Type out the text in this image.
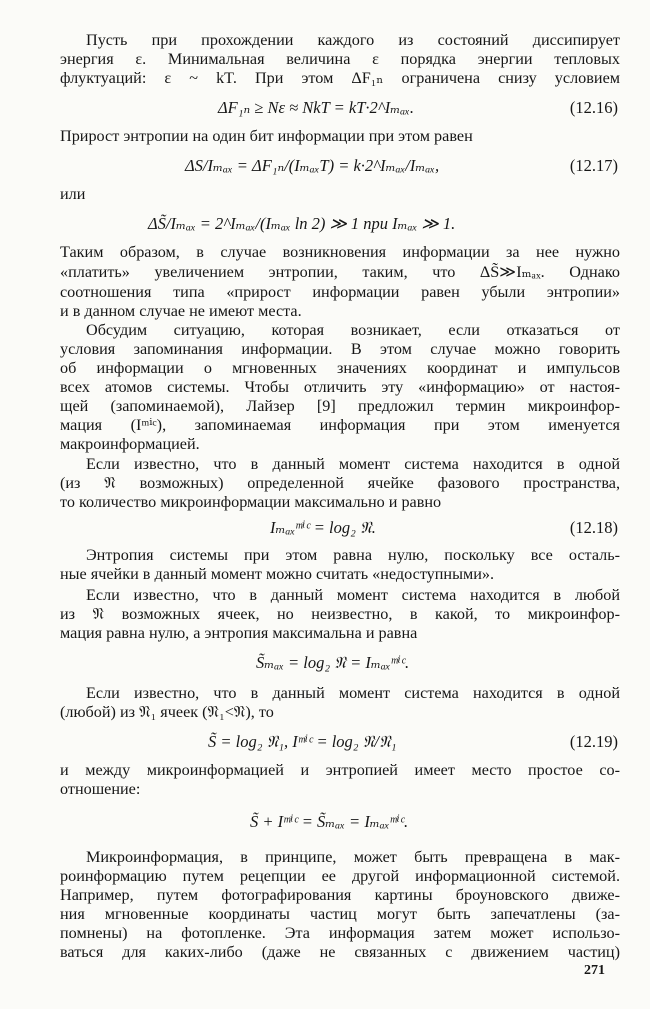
Пусть при прохождении каждого из состояний диссипирует
энергия ε. Минимальная величина ε порядка энергии тепловых
флуктуаций: ε ~ kT. При этом ΔF₁ₙ ограничена снизу условием
ΔF₁ₙ ≥ Nε ≈ NkT = kT·2^Iₘₐₓ.	(12.16)
Прирост энтропии на один бит информации при этом равен
ΔS/Iₘₐₓ = ΔF₁ₙ/(IₘₐₓT) = k·2^Iₘₐₓ/Iₘₐₓ,	(12.17)
или
ΔS̃/Iₘₐₓ = 2^Iₘₐₓ/(Iₘₐₓ ln 2) ≫ 1 при Iₘₐₓ ≫ 1.
Таким образом, в случае возникновения информации за нее нужно
«платить» увеличением энтропии, таким, что ΔS̃≫Iₘₐₓ. Однако
соотношения типа «прирост информации равен убыли энтропии»
и в данном случае не имеют места.
Обсудим ситуацию, которая возникает, если отказаться от
условия запоминания информации. В этом случае можно говорить
об информации о мгновенных значениях координат и импульсов
всех атомов системы. Чтобы отличить эту «информацию» от настоя-
щей (запоминаемой), Лайзер [9] предложил термин микроинфор-
мация (Iᵐⁱᶜ), запоминаемая информация при этом именуется
макроинформацией.
Если известно, что в данный момент система находится в одной
(из 𝔑 возможных) определенной ячейке фазового пространства,
то количество микроинформации максимально и равно
Iₘₐₓᵐⁱᶜ = log₂ 𝔑.	(12.18)
Энтропия системы при этом равна нулю, поскольку все осталь-
ные ячейки в данный момент можно считать «недоступными».
Если известно, что в данный момент система находится в любой
из 𝔑 возможных ячеек, но неизвестно, в какой, то микроинфор-
мация равна нулю, а энтропия максимальна и равна
S̃ₘₐₓ = log₂ 𝔑 = Iₘₐₓᵐⁱᶜ.
Если известно, что в данный момент система находится в одной
(любой) из 𝔑₁ ячеек (𝔑₁<𝔑), то
S̃ = log₂ 𝔑₁, Iᵐⁱᶜ = log₂ 𝔑/𝔑₁	(12.19)
и между микроинформацией и энтропией имеет место простое со-
отношение:
S̃ + Iᵐⁱᶜ = S̃ₘₐₓ = Iₘₐₓᵐⁱᶜ.
Микроинформация, в принципе, может быть превращена в мак-
роинформацию путем рецепции ее другой информационной системой.
Например, путем фотографирования картины броуновского движе-
ния мгновенные координаты частиц могут быть запечатлены (за-
помнены) на фотопленке. Эта информация затем может использо-
ваться для каких-либо (даже не связанных с движением частиц)
271
